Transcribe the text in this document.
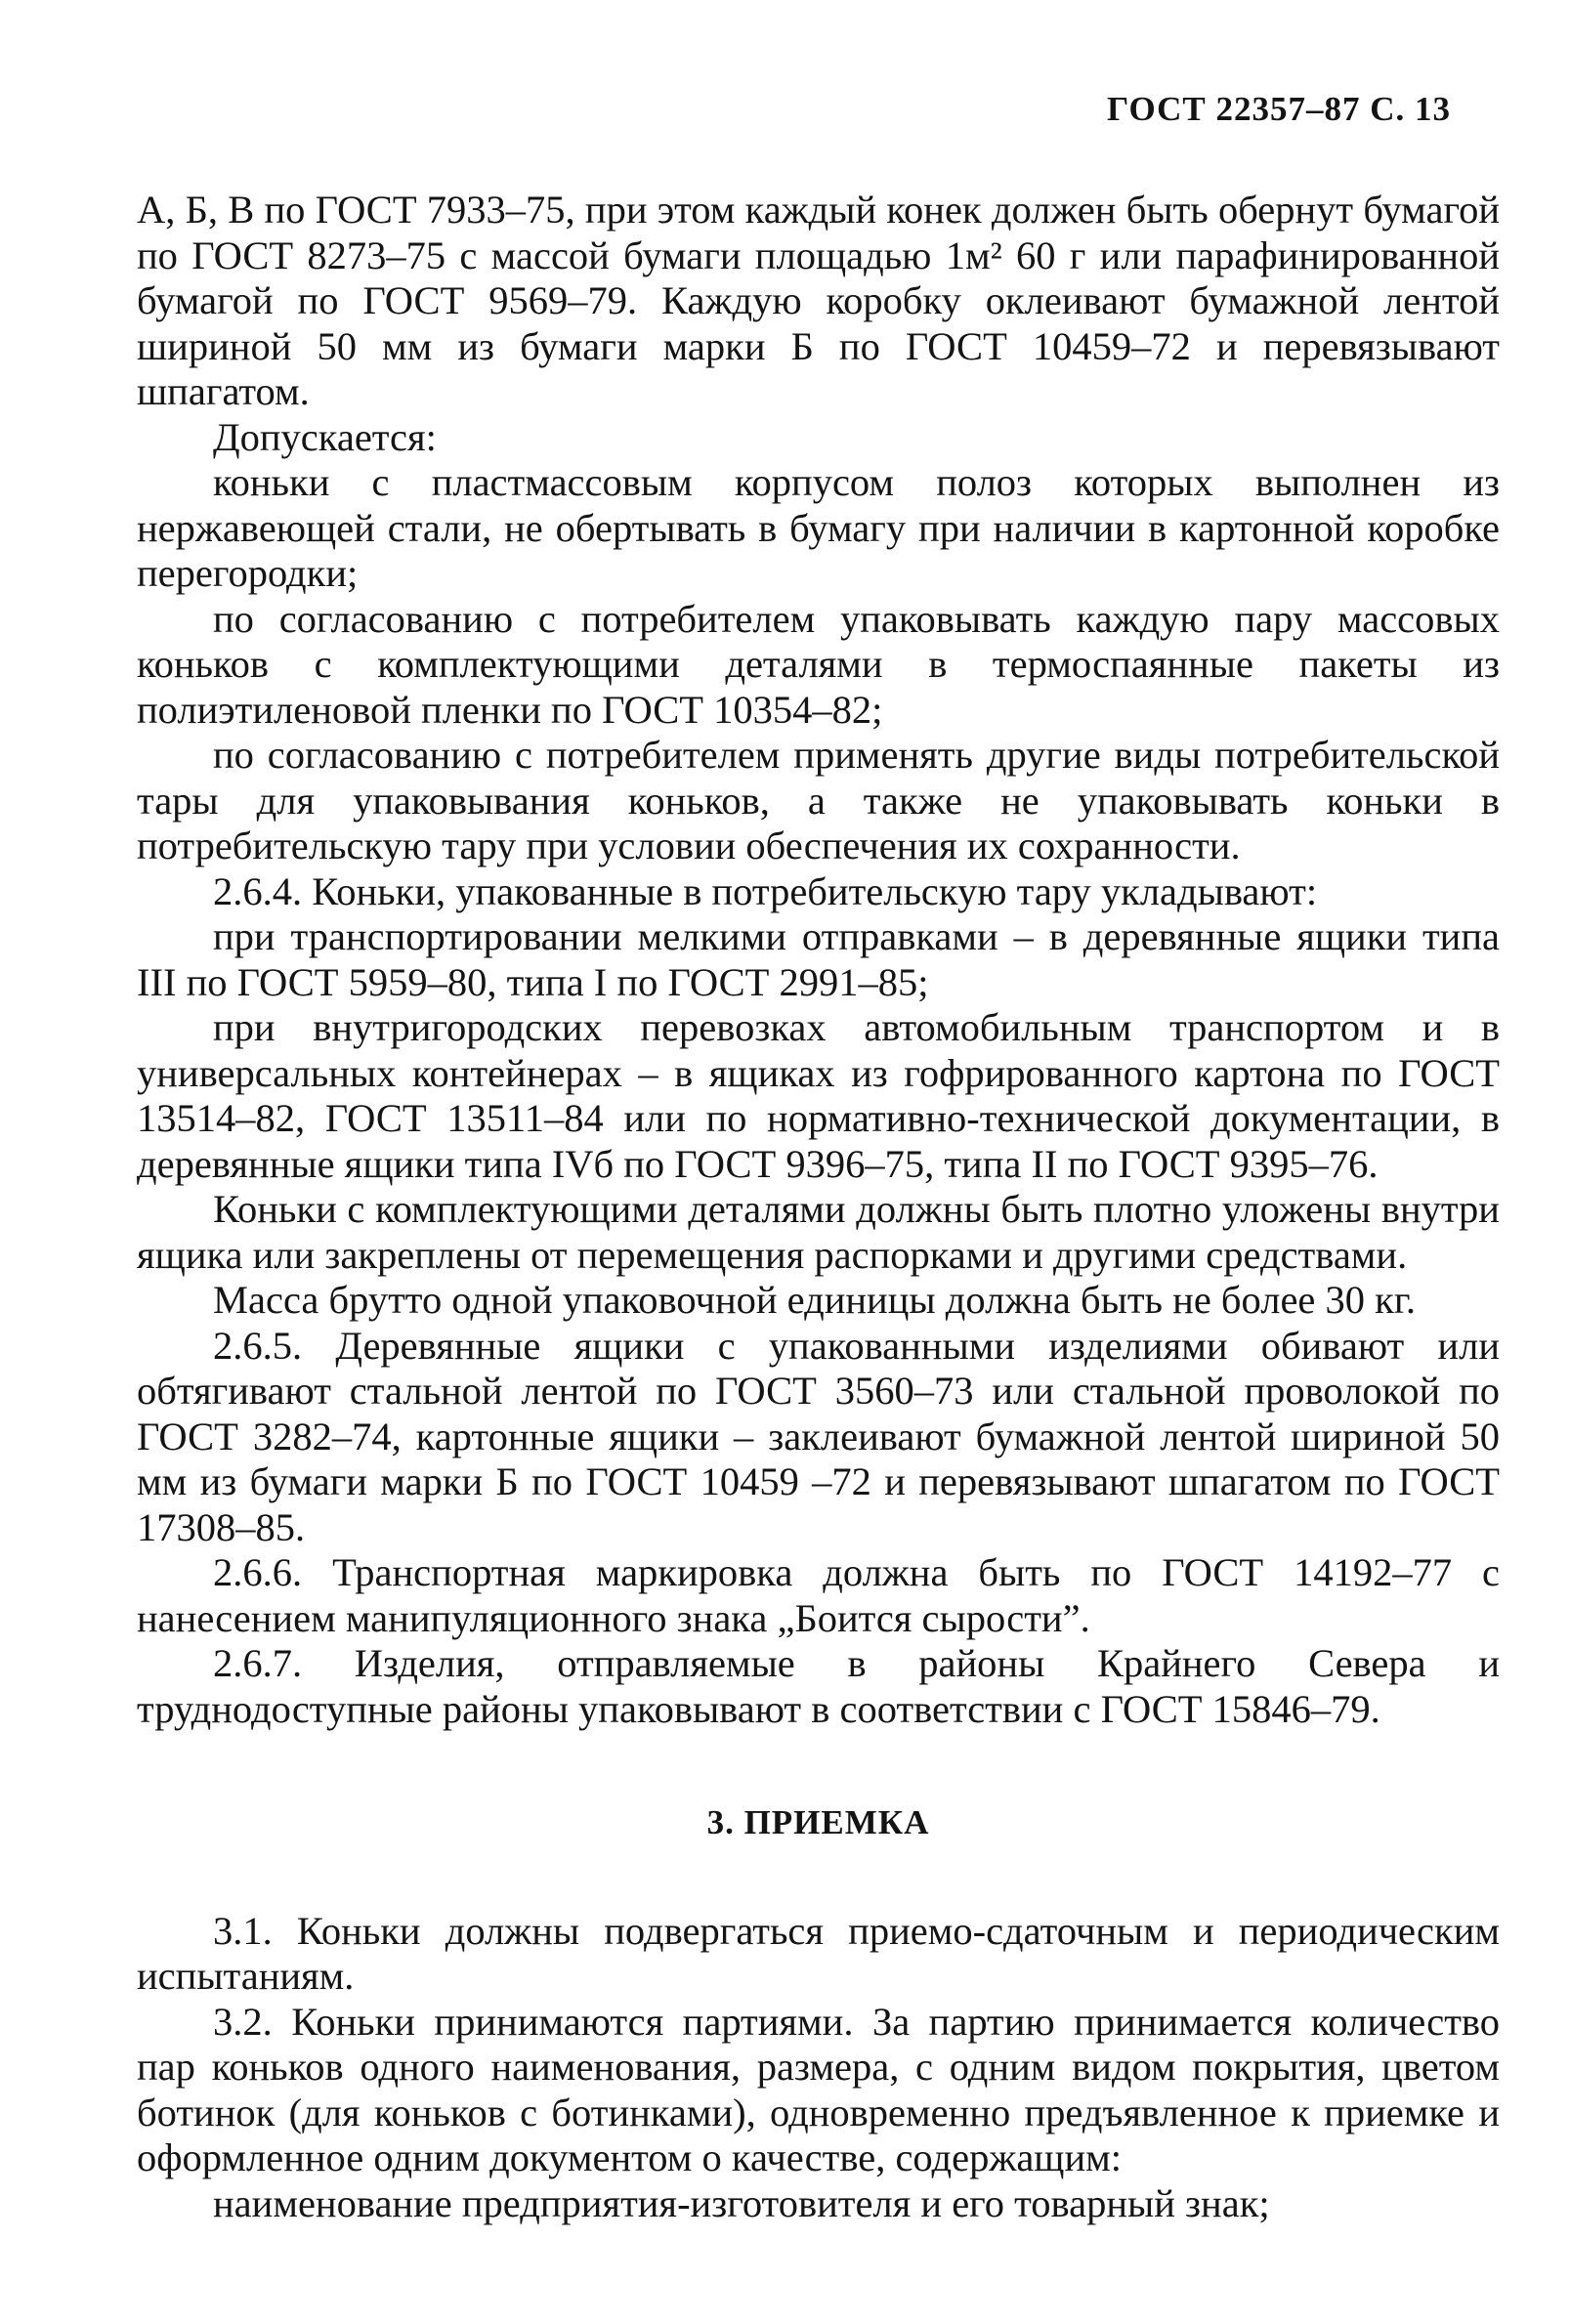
ГОСТ 22357–87 С. 13

А, Б, В по ГОСТ 7933–75, при этом каждый конек должен быть обернут бумагой по ГОСТ 8273–75 с массой бумаги площадью 1м² 60 г или парафинированной бумагой по ГОСТ 9569–79. Каждую коробку оклеивают бумажной лентой шириной 50 мм из бумаги марки Б по ГОСТ 10459–72 и перевязывают шпагатом.

Допускается:

коньки с пластмассовым корпусом полоз которых выполнен из нержавеющей стали, не обертывать в бумагу при наличии в картонной коробке перегородки;

по согласованию с потребителем упаковывать каждую пару массовых коньков с комплектующими деталями в термоспаянные пакеты из полиэтиленовой пленки по ГОСТ 10354–82;

по согласованию с потребителем применять другие виды потребительской тары для упаковывания коньков, а также не упаковывать коньки в потребительскую тару при условии обеспечения их сохранности.

2.6.4. Коньки, упакованные в потребительскую тару укладывают:

при транспортировании мелкими отправками – в деревянные ящики типа III по ГОСТ 5959–80, типа I по ГОСТ 2991–85;

при внутригородских перевозках автомобильным транспортом и в универсальных контейнерах – в ящиках из гофрированного картона по ГОСТ 13514–82, ГОСТ 13511–84 или по нормативно-технической документации, в деревянные ящики типа IVб по ГОСТ 9396–75, типа II по ГОСТ 9395–76.

Коньки с комплектующими деталями должны быть плотно уложены внутри ящика или закреплены от перемещения распорками и другими средствами.

Масса брутто одной упаковочной единицы должна быть не более 30 кг.

2.6.5. Деревянные ящики с упакованными изделиями обивают или обтягивают стальной лентой по ГОСТ 3560–73 или стальной проволокой по ГОСТ 3282–74, картонные ящики – заклеивают бумажной лентой шириной 50 мм из бумаги марки Б по ГОСТ 10459 –72 и перевязывают шпагатом по ГОСТ 17308–85.

2.6.6. Транспортная маркировка должна быть по ГОСТ 14192–77 с нанесением манипуляционного знака „Боится сырости”.

2.6.7. Изделия, отправляемые в районы Крайнего Севера и труднодоступные районы упаковывают в соответствии с ГОСТ 15846–79.

3. ПРИЕМКА

3.1. Коньки должны подвергаться приемо-сдаточным и периодическим испытаниям.

3.2. Коньки принимаются партиями. За партию принимается количество пар коньков одного наименования, размера, с одним видом покрытия, цветом ботинок (для коньков с ботинками), одновременно предъявленное к приемке и оформленное одним документом о качестве, содержащим:

наименование предприятия-изготовителя и его товарный знак;
